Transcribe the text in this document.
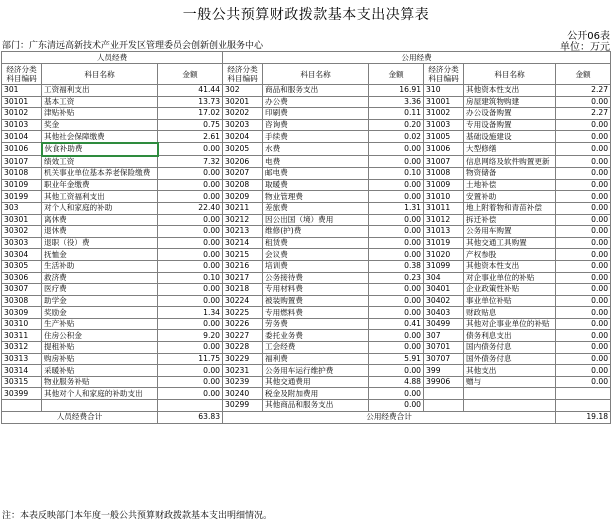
一般公共预算财政拨款基本支出决算表
公开06表
部门：广东清远高新技术产业开发区管理委员会创新创业服务中心	单位：万元
人员经费			公用经费					
经济分类科目编码	科目名称	金额	经济分类科目编码	科目名称	金额	经济分类科目编码	科目名称	金额
301	工资福利支出	41.44	302	商品和服务支出	16.91	310	其他资本性支出	2.27
30101	基本工资	13.73	30201	办公费	3.36	31001	房屋建筑物购建	0.00
30102	津贴补贴	17.02	30202	印刷费	0.11	31002	办公设备购置	2.27
30103	奖金	0.75	30203	咨询费	0.20	31003	专用设备购置	0.00
30104	其他社会保障缴费	2.61	30204	手续费	0.02	31005	基础设施建设	0.00
30106	伙食补助费	0.00	30205	水费	0.00	31006	大型修缮	0.00
30107	绩效工资	7.32	30206	电费	0.00	31007	信息网络及软件购置更新	0.00
30108	机关事业单位基本养老保险缴费	0.00	30207	邮电费	0.10	31008	物资储备	0.00
30109	职业年金缴费	0.00	30208	取暖费	0.00	31009	土地补偿	0.00
30199	其他工资福利支出	0.00	30209	物业管理费	0.00	31010	安置补助	0.00
303	对个人和家庭的补助	22.40	30211	差旅费	1.31	31011	地上附着物和青苗补偿	0.00
30301	离休费	0.00	30212	因公出国（境）费用	0.00	31012	拆迁补偿	0.00
30302	退休费	0.00	30213	维修(护)费	0.00	31013	公务用车购置	0.00
30303	退职（役）费	0.00	30214	租赁费	0.00	31019	其他交通工具购置	0.00
30304	抚恤金	0.00	30215	会议费	0.00	31020	产权参股	0.00
30305	生活补助	0.00	30216	培训费	0.38	31099	其他资本性支出	0.00
30306	救济费	0.10	30217	公务接待费	0.23	304	对企事业单位的补贴	0.00
30307	医疗费	0.00	30218	专用材料费	0.00	30401	企业政策性补贴	0.00
30308	助学金	0.00	30224	被装购置费	0.00	30402	事业单位补贴	0.00
30309	奖励金	1.34	30225	专用燃料费	0.00	30403	财政贴息	0.00
30310	生产补贴	0.00	30226	劳务费	0.41	30499	其他对企事业单位的补贴	0.00
30311	住房公积金	9.20	30227	委托业务费	0.00	307	债务利息支出	0.00
30312	提租补贴	0.00	30228	工会经费	0.00	30701	国内债务付息	0.00
30313	购房补贴	11.75	30229	福利费	5.91	30707	国外债务付息	0.00
30314	采暖补贴	0.00	30231	公务用车运行维护费	0.00	399	其他支出	0.00
30315	物业服务补贴	0.00	30239	其他交通费用	4.88	39906	赠与	0.00
30399	其他对个人和家庭的补助支出	0.00	30240	税金及附加费用	0.00			
			30299	其他商品和服务支出	0.00			
人员经费合计		63.83	公用经费合计					19.18
注：本表反映部门本年度一般公共预算财政拨款基本支出明细情况。
